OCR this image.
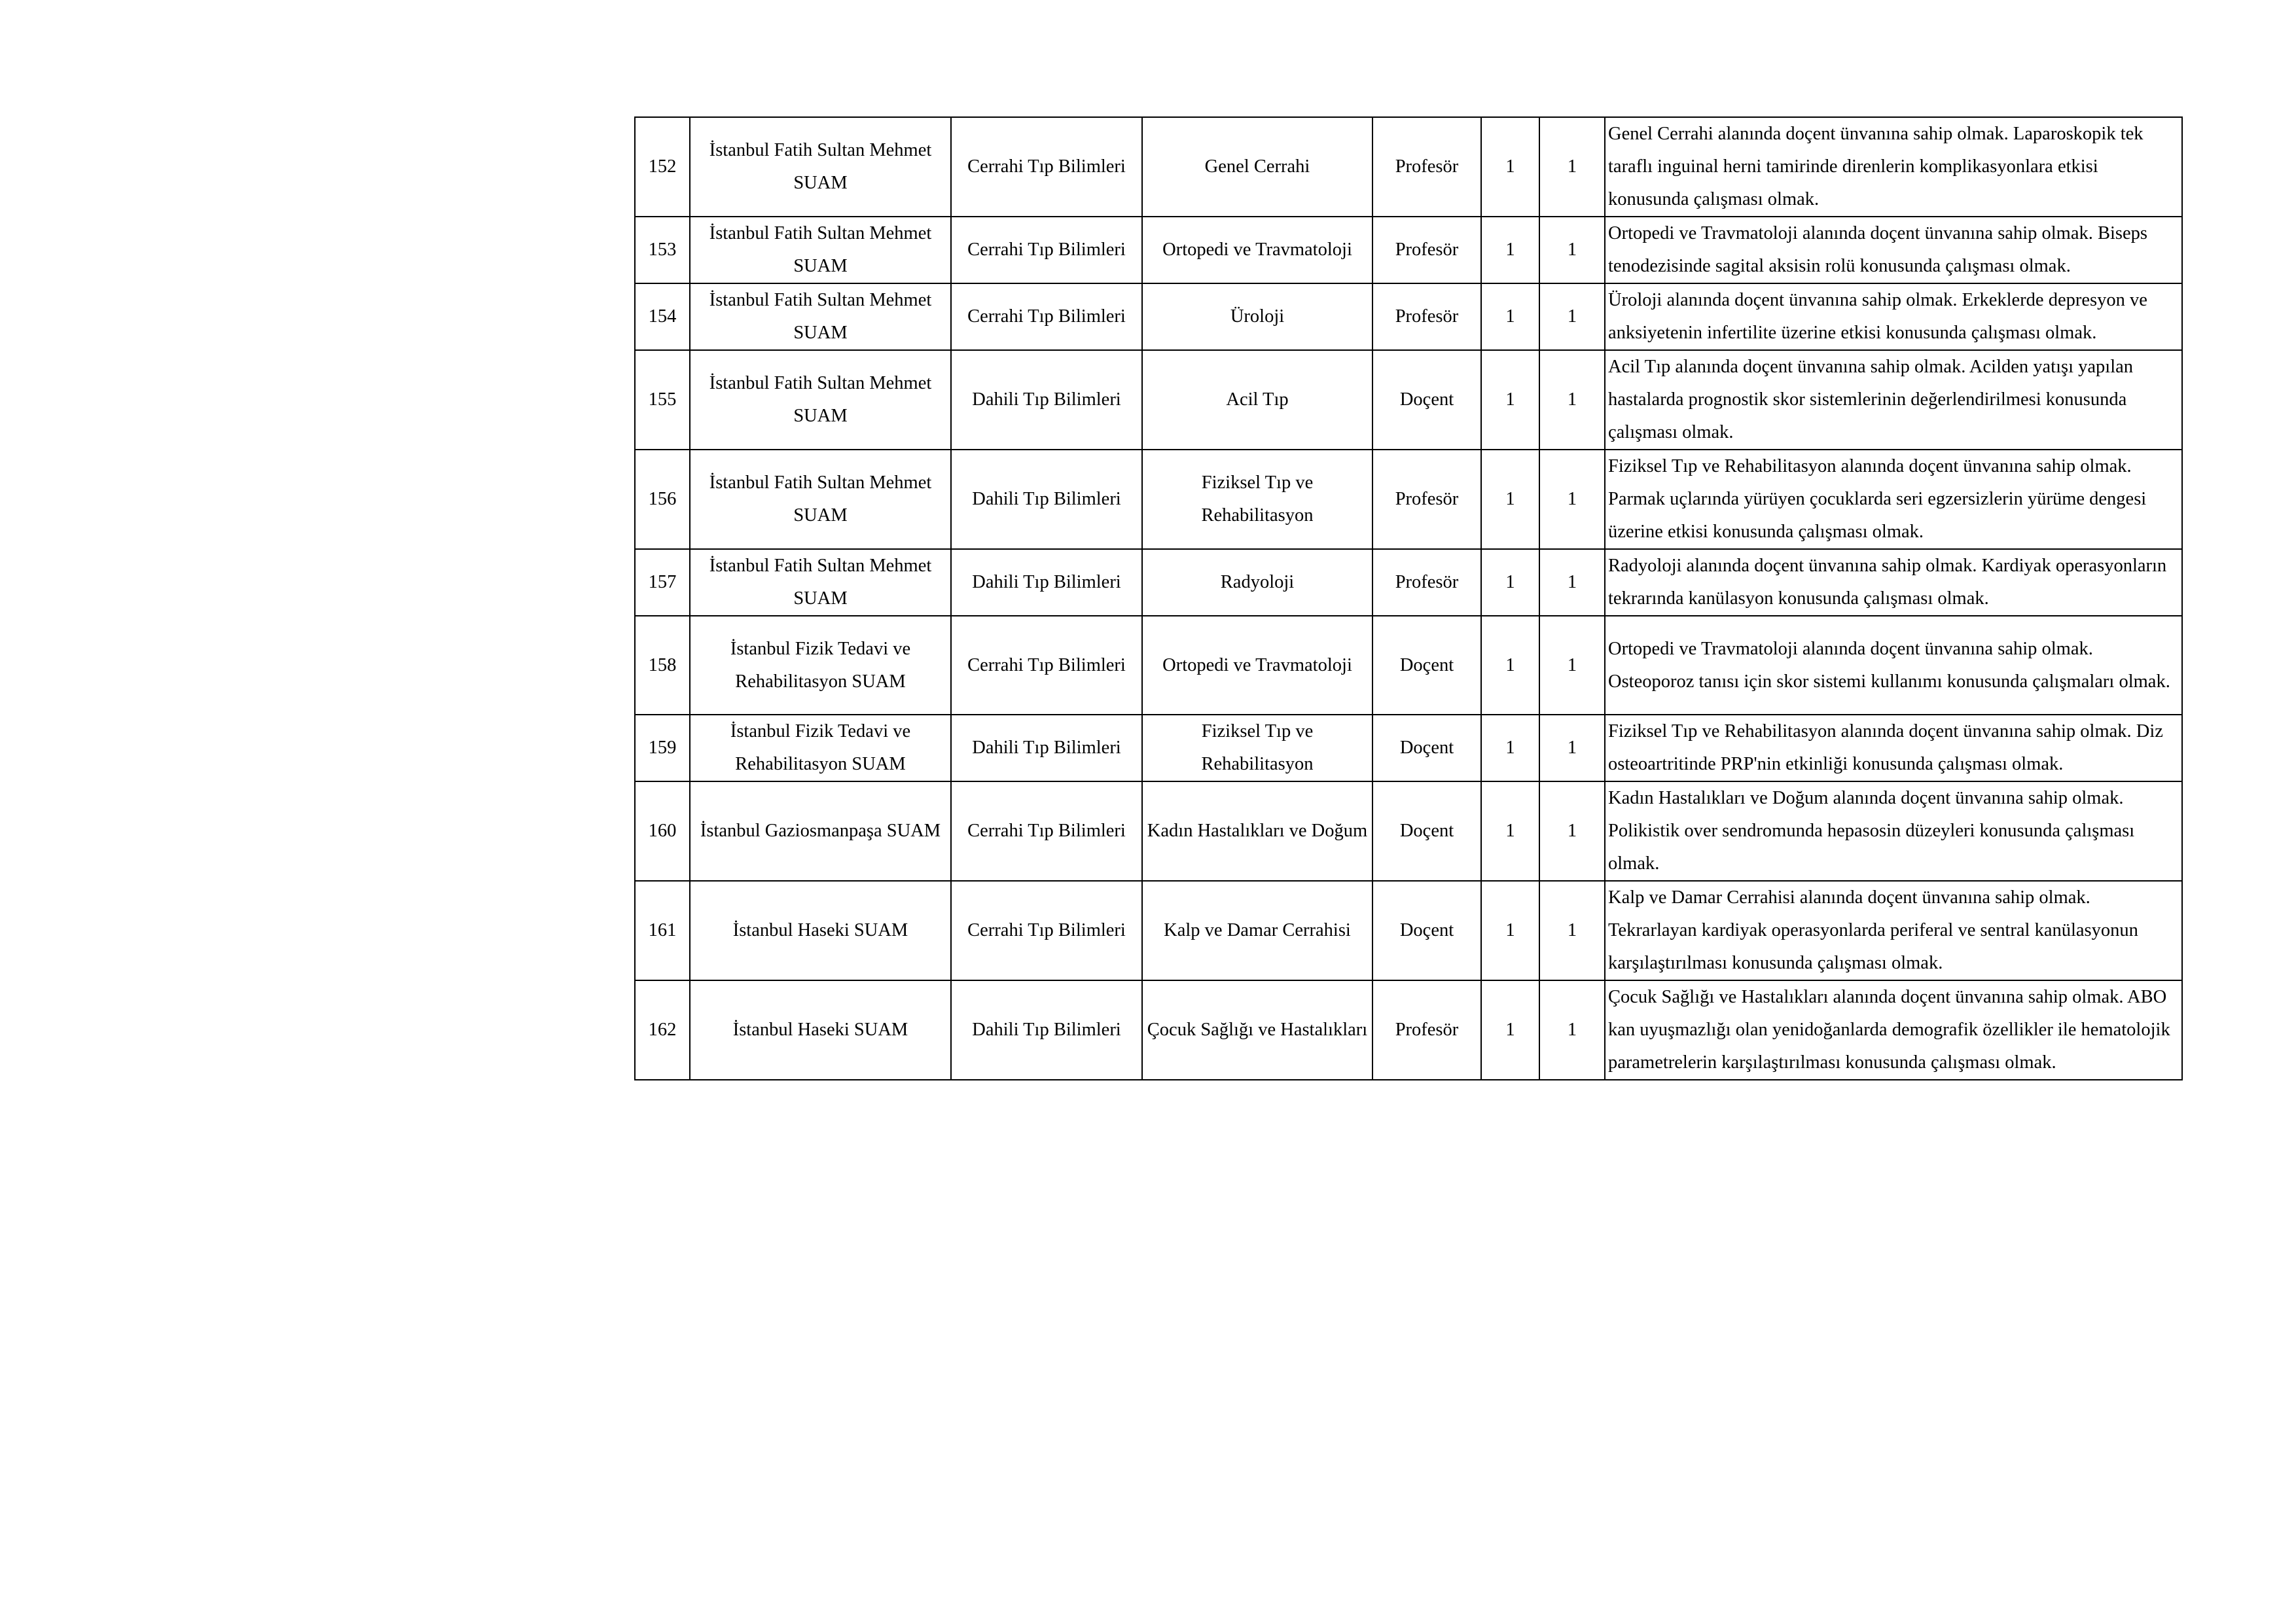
152	İstanbul Fatih Sultan Mehmet SUAM	Cerrahi Tıp Bilimleri	Genel Cerrahi	Profesör	1	1	Genel Cerrahi alanında doçent ünvanına sahip olmak. Laparoskopik tek taraflı inguinal herni tamirinde direnlerin komplikasyonlara etkisi konusunda çalışması olmak.
153	İstanbul Fatih Sultan Mehmet SUAM	Cerrahi Tıp Bilimleri	Ortopedi ve Travmatoloji	Profesör	1	1	Ortopedi ve Travmatoloji alanında doçent ünvanına sahip olmak. Biseps tenodezisinde sagital aksisin rolü konusunda çalışması olmak.
154	İstanbul Fatih Sultan Mehmet SUAM	Cerrahi Tıp Bilimleri	Üroloji	Profesör	1	1	Üroloji alanında doçent ünvanına sahip olmak. Erkeklerde depresyon ve anksiyetenin infertilite üzerine etkisi konusunda çalışması olmak.
155	İstanbul Fatih Sultan Mehmet SUAM	Dahili Tıp Bilimleri	Acil Tıp	Doçent	1	1	Acil Tıp alanında doçent ünvanına sahip olmak. Acilden yatışı yapılan hastalarda prognostik skor sistemlerinin değerlendirilmesi konusunda çalışması olmak.
156	İstanbul Fatih Sultan Mehmet SUAM	Dahili Tıp Bilimleri	Fiziksel Tıp ve Rehabilitasyon	Profesör	1	1	Fiziksel Tıp ve Rehabilitasyon alanında doçent ünvanına sahip olmak. Parmak uçlarında yürüyen çocuklarda seri egzersizlerin yürüme dengesi üzerine etkisi konusunda çalışması olmak.
157	İstanbul Fatih Sultan Mehmet SUAM	Dahili Tıp Bilimleri	Radyoloji	Profesör	1	1	Radyoloji alanında doçent ünvanına sahip olmak. Kardiyak operasyonların tekrarında kanülasyon konusunda çalışması olmak.
158	İstanbul Fizik Tedavi ve Rehabilitasyon SUAM	Cerrahi Tıp Bilimleri	Ortopedi ve Travmatoloji	Doçent	1	1	Ortopedi ve Travmatoloji alanında doçent ünvanına sahip olmak. Osteoporoz tanısı için skor sistemi kullanımı konusunda çalışmaları olmak.
159	İstanbul Fizik Tedavi ve Rehabilitasyon SUAM	Dahili Tıp Bilimleri	Fiziksel Tıp ve Rehabilitasyon	Doçent	1	1	Fiziksel Tıp ve Rehabilitasyon alanında doçent ünvanına sahip olmak. Diz osteoartritinde PRP'nin etkinliği konusunda çalışması olmak.
160	İstanbul Gaziosmanpaşa SUAM	Cerrahi Tıp Bilimleri	Kadın Hastalıkları ve Doğum	Doçent	1	1	Kadın Hastalıkları ve Doğum alanında doçent ünvanına sahip olmak. Polikistik over sendromunda hepasosin düzeyleri konusunda çalışması olmak.
161	İstanbul Haseki SUAM	Cerrahi Tıp Bilimleri	Kalp ve Damar Cerrahisi	Doçent	1	1	Kalp ve Damar Cerrahisi alanında doçent ünvanına sahip olmak. Tekrarlayan kardiyak operasyonlarda periferal ve sentral kanülasyonun karşılaştırılması konusunda çalışması olmak.
162	İstanbul Haseki SUAM	Dahili Tıp Bilimleri	Çocuk Sağlığı ve Hastalıkları	Profesör	1	1	Çocuk Sağlığı ve Hastalıkları alanında doçent ünvanına sahip olmak. ABO kan uyuşmazlığı olan yenidoğanlarda demografik özellikler ile hematolojik parametrelerin karşılaştırılması konusunda çalışması olmak.
